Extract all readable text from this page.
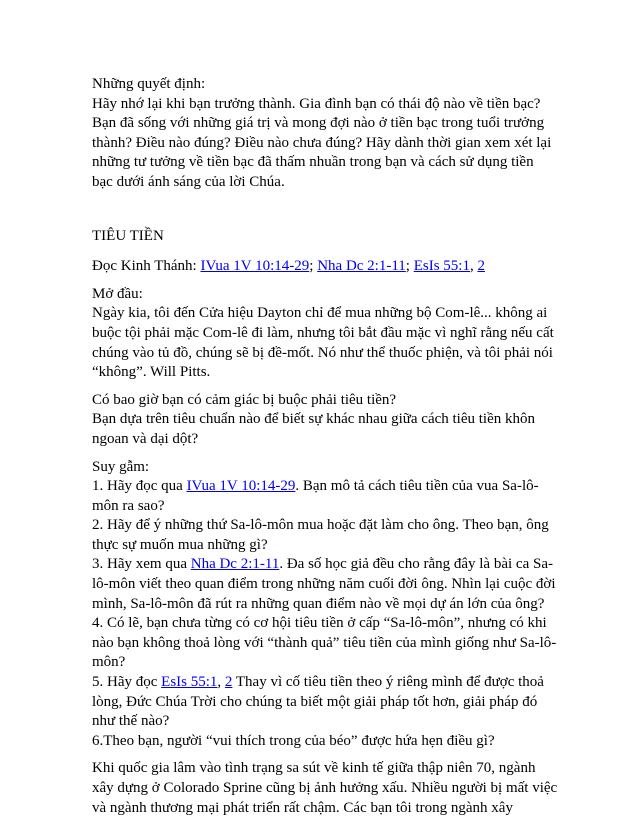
Những quyết định:

Hãy nhớ lại khi bạn trưởng thành. Gia đình bạn có thái độ nào về tiền bạc? Bạn đã sống với những giá trị và mong đợi nào ở tiền bạc trong tuổi trưởng thành? Điều nào đúng? Điều nào chưa đúng? Hãy dành thời gian xem xét lại những tư tưởng về tiền bạc đã thấm nhuần trong bạn và cách sử dụng tiền bạc dưới ánh sáng của lời Chúa.

TIÊU TIỀN

Đọc Kinh Thánh: IVua 1V 10:14-29; Nha Dc 2:1-11; EsIs 55:1, 2

Mở đầu:

Ngày kia, tôi đến Cửa hiệu Dayton chỉ để mua những bộ Com-lê... không ai buộc tội phải mặc Com-lê đi làm, nhưng tôi bắt đầu mặc vì nghĩ rằng nếu cất chúng vào tủ đồ, chúng sẽ bị đề-mốt. Nó như thể thuốc phiện, và tôi phải nói “không”. Will Pitts.

Có bao giờ bạn có cảm giác bị buộc phải tiêu tiền?

Bạn dựa trên tiêu chuẩn nào để biết sự khác nhau giữa cách tiêu tiền khôn ngoan và dại dột?

Suy gẫm:

1. Hãy đọc qua IVua 1V 10:14-29. Bạn mô tả cách tiêu tiền của vua Sa-lô-môn ra sao?

2. Hãy để ý những thứ Sa-lô-môn mua hoặc đặt làm cho ông. Theo bạn, ông thực sự muốn mua những gì?

3. Hãy xem qua Nha Dc 2:1-11. Đa số học giả đều cho rằng đây là bài ca Sa-lô-môn viết theo quan điểm trong những năm cuối đời ông. Nhìn lại cuộc đời mình, Sa-lô-môn đã rút ra những quan điểm nào về mọi dự án lớn của ông?

4. Có lẽ, bạn chưa từng có cơ hội tiêu tiền ở cấp “Sa-lô-môn”, nhưng có khi nào bạn không thoả lòng với “thành quả” tiêu tiền của mình giống như Sa-lô-môn?

5. Hãy đọc EsIs 55:1, 2 Thay vì cố tiêu tiền theo ý riêng mình để được thoả lòng, Đức Chúa Trời cho chúng ta biết một giải pháp tốt hơn, giải pháp đó như thế nào?

6.Theo bạn, người “vui thích trong của béo” được hứa hẹn điều gì?

Khi quốc gia lâm vào tình trạng sa sút về kinh tế giữa thập niên 70, ngành xây dựng ở Colorado Sprine cũng bị ảnh hưởng xấu. Nhiều người bị mất việc và ngành thương mại phát triển rất chậm. Các bạn tôi trong ngành xây
